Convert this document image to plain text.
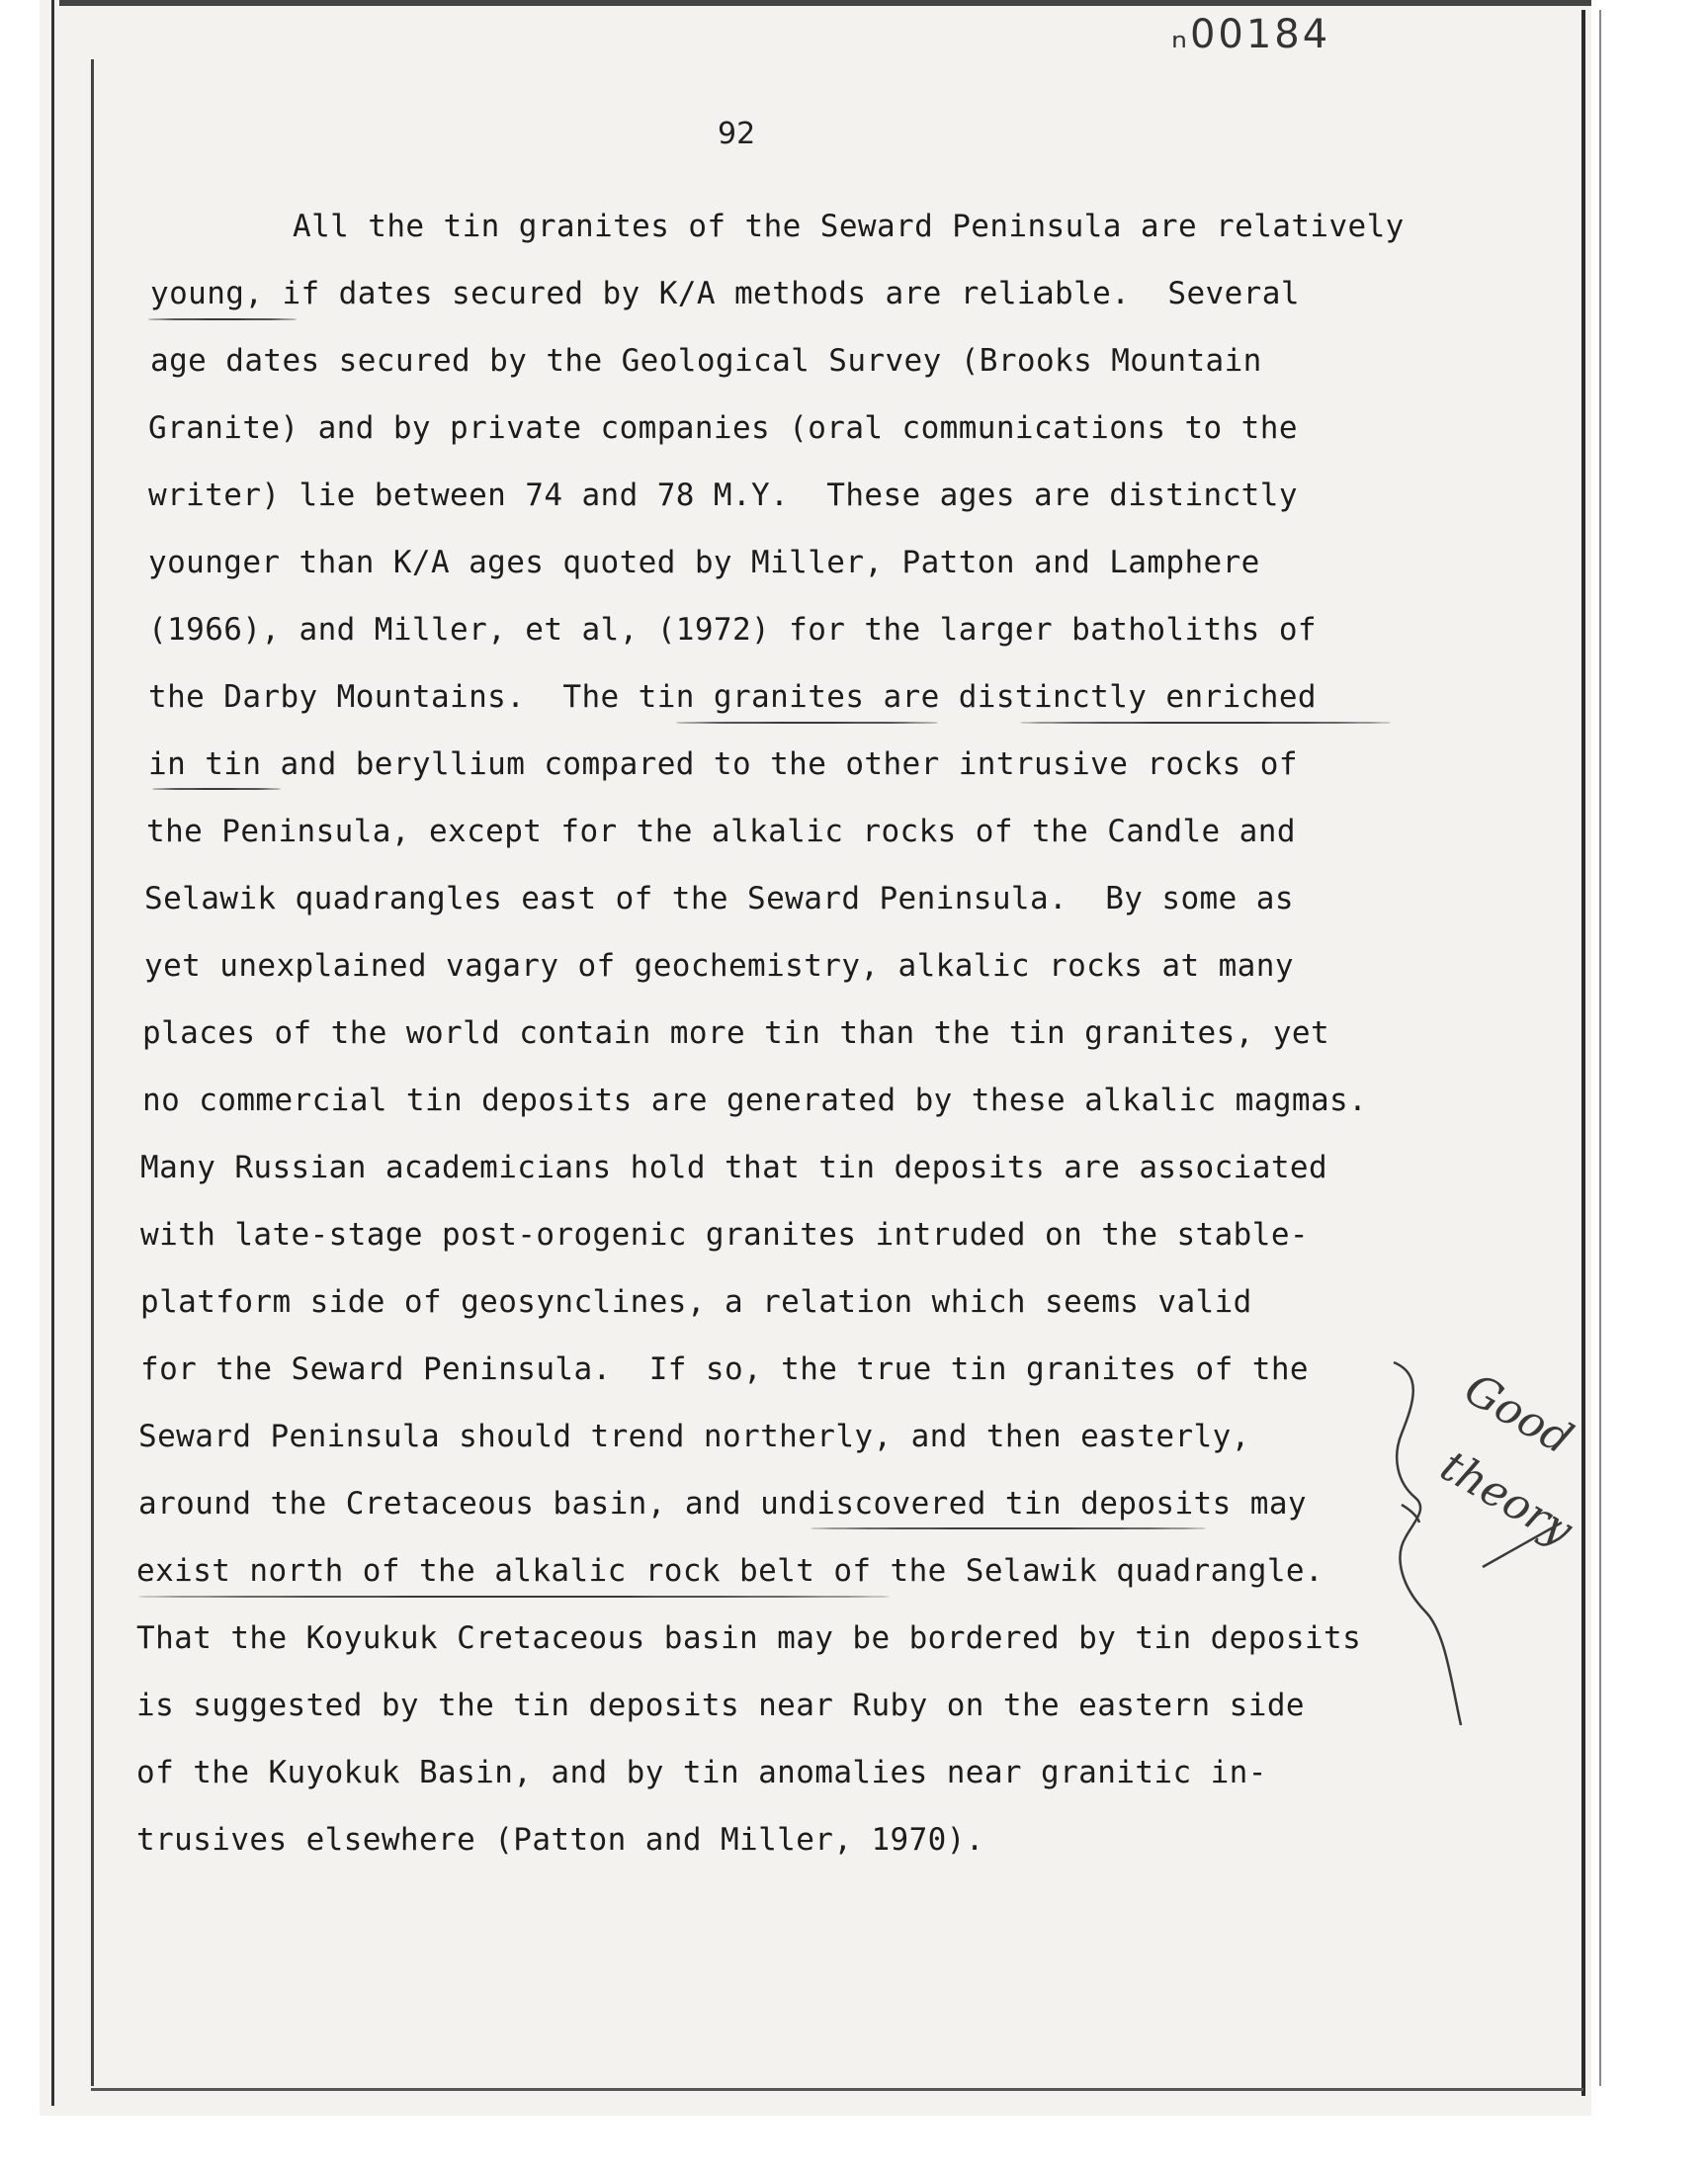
ₙ00184
92
All the tin granites of the Seward Peninsula are relatively
young, if dates secured by K/A methods are reliable.  Several
age dates secured by the Geological Survey (Brooks Mountain
Granite) and by private companies (oral communications to the
writer) lie between 74 and 78 M.Y.  These ages are distinctly
younger than K/A ages quoted by Miller, Patton and Lamphere
(1966), and Miller, et al, (1972) for the larger batholiths of
the Darby Mountains.  The tin granites are distinctly enriched
in tin and beryllium compared to the other intrusive rocks of
the Peninsula, except for the alkalic rocks of the Candle and
Selawik quadrangles east of the Seward Peninsula.  By some as
yet unexplained vagary of geochemistry, alkalic rocks at many
places of the world contain more tin than the tin granites, yet
no commercial tin deposits are generated by these alkalic magmas.
Many Russian academicians hold that tin deposits are associated
with late-stage post-orogenic granites intruded on the stable-
platform side of geosynclines, a relation which seems valid
for the Seward Peninsula.  If so, the true tin granites of the
Seward Peninsula should trend northerly, and then easterly,
around the Cretaceous basin, and undiscovered tin deposits may
exist north of the alkalic rock belt of the Selawik quadrangle.
That the Koyukuk Cretaceous basin may be bordered by tin deposits
is suggested by the tin deposits near Ruby on the eastern side
of the Kuyokuk Basin, and by tin anomalies near granitic in-
trusives elsewhere (Patton and Miller, 1970).
Good
theory
